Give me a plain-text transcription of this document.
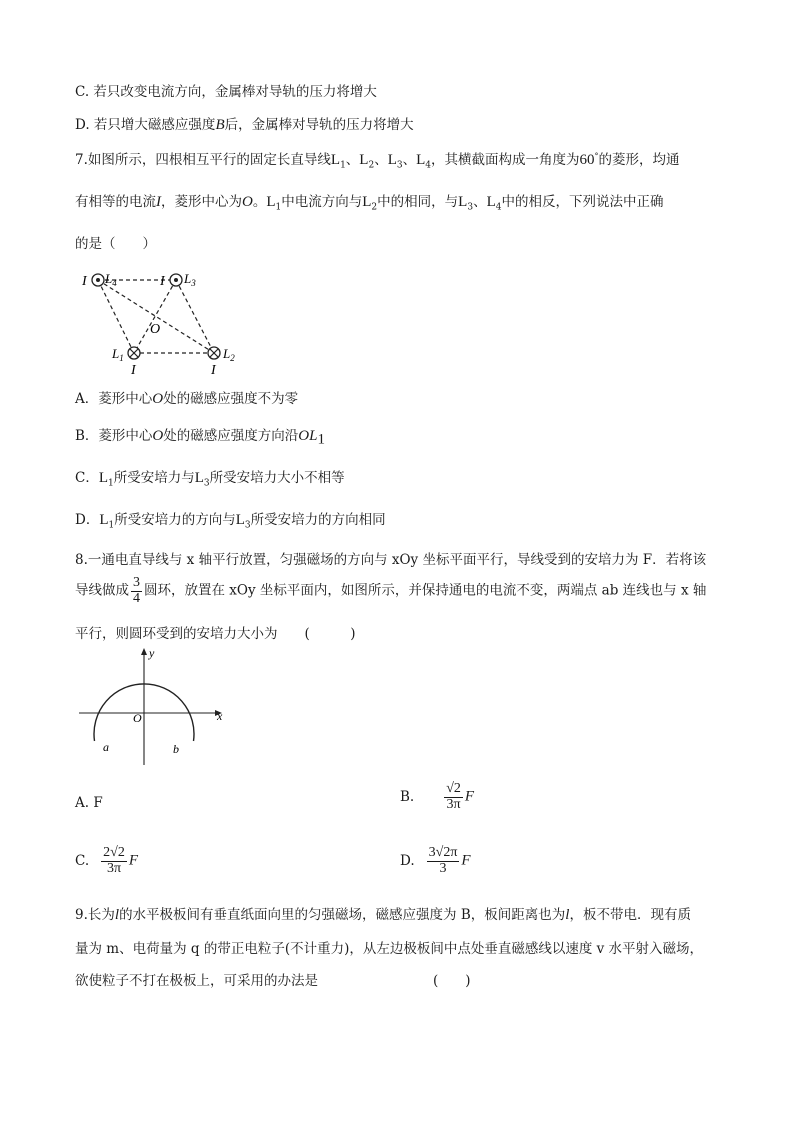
C. 若只改变电流方向，金属棒对导轨的压力将增大
D. 若只增大磁感应强度B后，金属棒对导轨的压力将增大
7.如图所示，四根相互平行的固定长直导线$L_1$、$L_2$、$L_3$、$L_4$，其横截面构成一角度为60°的菱形，均通
有相等的电流I，菱形中心为O。$L_1$中电流方向与$L_2$中的相同，与$L_3$、$L_4$中的相反，下列说法中正确
的是（　　）
I $L_4$	I $L_3$
O
$L_1$	$L_2$
I	I
A．菱形中心O处的磁感应强度不为零
B．菱形中心O处的磁感应强度方向沿$OL_1$
C．$L_1$所受安培力与$L_3$所受安培力大小不相等
D．$L_1$所受安培力的方向与$L_3$所受安培力的方向相同
8.一通电直导线与 x 轴平行放置，匀强磁场的方向与 xOy 坐标平面平行，导线受到的安培力为 F．若将该
导线做成 $\frac{3}{4}$ 圆环，放置在 xOy 坐标平面内，如图所示，并保持通电的电流不变，两端点 ab 连线也与 x 轴
平行，则圆环受到的安培力大小为　　(　　　)
y
x
O
a	b
A. F	B. $\frac{√2}{3\pi}$ F
C. $\frac{2√2}{3\pi}$ F	D. $\frac{3√2\pi}{3}$ F
9.长为l的水平极板间有垂直纸面向里的匀强磁场，磁感应强度为 B，板间距离也为l，板不带电．现有质
量为 m、电荷量为 q 的带正电粒子(不计重力)，从左边极板间中点处垂直磁感线以速度 v 水平射入磁场，
欲使粒子不打在极板上，可采用的办法是	(　　)
